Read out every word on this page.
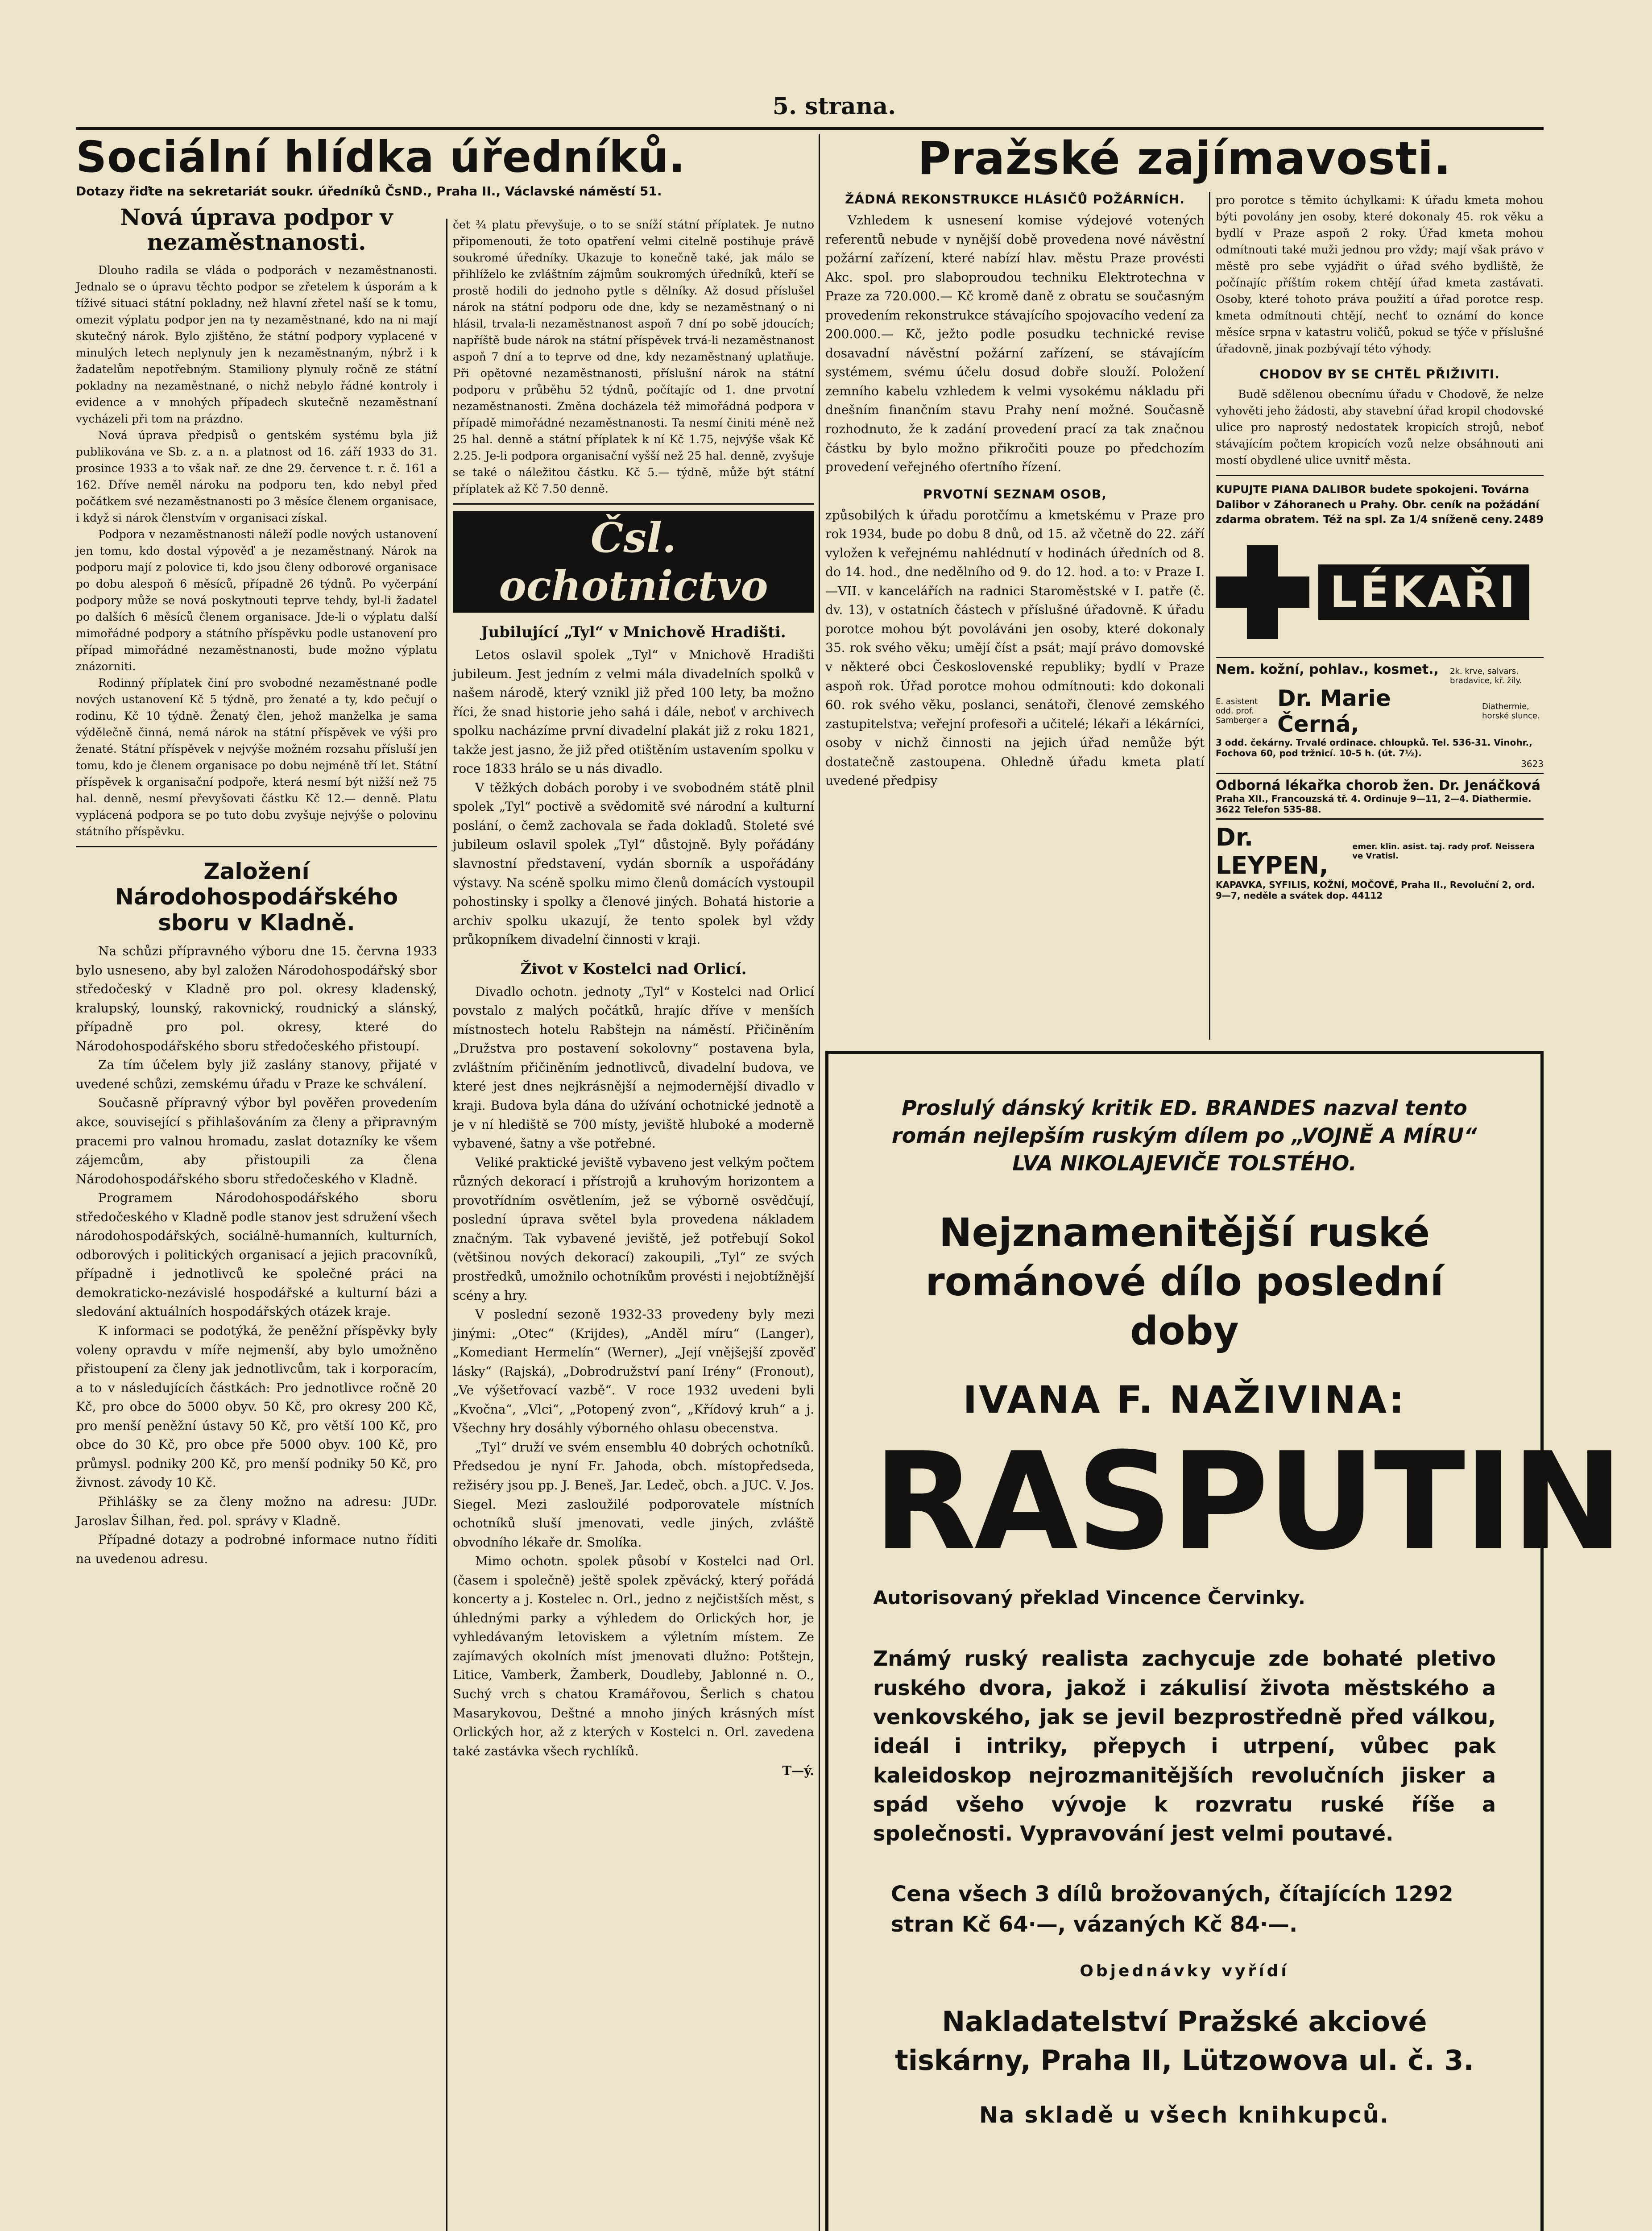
5. strana.
Sociální hlídka úředníků.
Dotazy řiďte na sekretariát soukr. úředníků ČsND., Praha II., Václavské náměstí 51.
Nová úprava podpor v nezaměstnanosti.

Dlouho radila se vláda o podporách v nezaměstnanosti. Jednalo se o úpravu těchto podpor se zřetelem k úsporám a k tíživé situaci státní pokladny, než hlavní zřetel naší se k tomu, omezit výplatu podpor jen na ty nezaměstnané, kdo na ni mají skutečný nárok. Bylo zjištěno, že státní podpory vyplacené v minulých letech neplynuly jen k nezaměstnaným, nýbrž i k žadatelům nepotřebným. Stamiliony plynuly ročně ze státní pokladny na nezaměstnané, o nichž nebylo řádné kontroly i evidence a v mnohých případech skutečně nezaměstnaní vycházeli při tom na prázdno.

Nová úprava předpisů o gentském systému byla již publikována ve Sb. z. a n. a platnost od 16. září 1933 do 31. prosince 1933 a to však nař. ze dne 29. července t. r. č. 161 a 162. Dříve neměl nároku na podporu ten, kdo nebyl před počátkem své nezaměstnanosti po 3 měsíce členem organisace, i když si nárok členstvím v organisaci získal.

Podpora v nezaměstnanosti náleží podle nových ustanovení jen tomu, kdo dostal výpověď a je nezaměstnaný. Nárok na podporu mají z polovice ti, kdo jsou členy odborové organisace po dobu alespoň 6 měsíců, případně 26 týdnů. Po vyčerpání podpory může se nová poskytnouti teprve tehdy, byl-li žadatel po dalších 6 měsíců členem organisace. Jde-li o výplatu další mimořádné podpory a státního příspěvku podle ustanovení pro případ mimořádné nezaměstnanosti, bude možno výplatu znázorniti.

Rodinný příplatek činí pro svobodné nezaměstnané podle nových ustanovení Kč 5 týdně, pro ženaté a ty, kdo pečují o rodinu, Kč 10 týdně. Ženatý člen, jehož manželka je sama výdělečně činná, nemá nárok na státní příspěvek ve výši pro ženaté. Státní příspěvek v nejvýše možném rozsahu přísluší jen tomu, kdo je členem organisace po dobu nejméně tří let. Státní příspěvek k organisační podpoře, která nesmí být nižší než 75 hal. denně, nesmí převyšovati částku Kč 12.— denně. Platu vyplácená podpora se po tuto dobu zvyšuje nejvýše o polovinu státního příspěvku.

Založení Národohospodářského sboru v Kladně.

Na schůzi přípravného výboru dne 15. června 1933 bylo usneseno, aby byl založen Národohospodářský sbor středočeský v Kladně pro pol. okresy kladenský, kralupský, lounský, rakovnický, roudnický a slánský, případně pro pol. okresy, které do Národohospodářského sboru středočeského přistoupí.

Za tím účelem byly již zaslány stanovy, přijaté v uvedené schůzi, zemskému úřadu v Praze ke schválení.

Současně přípravný výbor byl pověřen provedením akce, související s přihlašováním za členy a připravným pracemi pro valnou hromadu, zaslat dotazníky ke všem zájemcům, aby přistoupili za člena Národohospodářského sboru středočeského v Kladně.

Programem Národohospodářského sboru středočeského v Kladně podle stanov jest sdružení všech národohospodářských, sociálně-humanních, kulturních, odborových i politických organisací a jejich pracovníků, případně i jednotlivců ke společné práci na demokraticko-nezávislé hospodářské a kulturní bázi a sledování aktuálních hospodářských otázek kraje.

K informaci se podotýká, že peněžní příspěvky byly voleny opravdu v míře nejmenší, aby bylo umožněno přistoupení za členy jak jednotlivcům, tak i korporacím, a to v následujících částkách: Pro jednotlivce ročně 20 Kč, pro obce do 5000 obyv. 50 Kč, pro okresy 200 Kč, pro menší peněžní ústavy 50 Kč, pro větší 100 Kč, pro obce do 30 Kč, pro obce pře 5000 obyv. 100 Kč, pro průmysl. podniky 200 Kč, pro menší podniky 50 Kč, pro živnost. závody 10 Kč.

Přihlášky se za členy možno na adresu: JUDr. Jaroslav Šilhan, řed. pol. správy v Kladně.

Případné dotazy a podrobné informace nutno říditi na uvedenou adresu.

čet ¾ platu převyšuje, o to se sníží státní příplatek. Je nutno připomenouti, že toto opatření velmi citelně postihuje právě soukromé úředníky. Ukazuje to konečně také, jak málo se přihlíželo ke zvláštním zájmům soukromých úředníků, kteří se prostě hodili do jednoho pytle s dělníky. Až dosud příslušel nárok na státní podporu ode dne, kdy se nezaměstnaný o ni hlásil, trvala-li nezaměstnanost aspoň 7 dní po sobě jdoucích; napříště bude nárok na státní příspěvek trvá-li nezaměstnanost aspoň 7 dní a to teprve od dne, kdy nezaměstnaný uplatňuje. Při opětovné nezaměstnanosti, příslušní nárok na státní podporu v průběhu 52 týdnů, počítajíc od 1. dne prvotní nezaměstnanosti. Změna docházela též mimořádná podpora v případě mimořádné nezaměstnanosti. Ta nesmí činiti méně než 25 hal. denně a státní příplatek k ní Kč 1.75, nejvýše však Kč 2.25. Je-li podpora organisační vyšší než 25 hal. denně, zvyšuje se také o náležitou částku. Kč 5.— týdně, může být státní příplatek až Kč 7.50 denně.

Čsl. ochotnictvo
Jubilující „Tyl“ v Mnichově Hradišti.

Letos oslavil spolek „Tyl“ v Mnichově Hradišti jubileum. Jest jedním z velmi mála divadelních spolků v našem národě, který vznikl již před 100 lety, ba možno říci, že snad historie jeho sahá i dále, neboť v archivech spolku nacházíme první divadelní plakát již z roku 1821, takže jest jasno, že již před otištěním ustavením spolku v roce 1833 hrálo se u nás divadlo.

V těžkých dobách poroby i ve svobodném státě plnil spolek „Tyl“ poctivě a svědomitě své národní a kulturní poslání, o čemž zachovala se řada dokladů. Stoleté své jubileum oslavil spolek „Tyl“ důstojně. Byly pořádány slavnostní představení, vydán sborník a uspořádány výstavy. Na scéně spolku mimo členů domácích vystoupil pohostinsky i spolky a členové jiných. Bohatá historie a archiv spolku ukazují, že tento spolek byl vždy průkopníkem divadelní činnosti v kraji.

Život v Kostelci nad Orlicí.

Divadlo ochotn. jednoty „Tyl“ v Kostelci nad Orlicí povstalo z malých počátků, hrajíc dříve v menších místnostech hotelu Rabštejn na náměstí. Přičiněním „Družstva pro postavení sokolovny“ postavena byla, zvláštním přičiněním jednotlivců, divadelní budova, ve které jest dnes nejkrásnější a nejmodernější divadlo v kraji. Budova byla dána do užívání ochotnické jednotě a je v ní hlediště se 700 místy, jeviště hluboké a moderně vybavené, šatny a vše potřebné.

Veliké praktické jeviště vybaveno jest velkým počtem různých dekorací i přístrojů a kruhovým horizontem a provotřídním osvětlením, jež se výborně osvědčují, poslední úprava světel byla provedena nákladem značným. Tak vybavené jeviště, jež potřebují Sokol (většinou nových dekorací) zakoupili, „Tyl“ ze svých prostředků, umožnilo ochotníkům provésti i nejobtížnější scény a hry.

V poslední sezoně 1932-33 provedeny byly mezi jinými: „Otec“ (Krijdes), „Anděl míru“ (Langer), „Komediant Hermelín“ (Werner), „Její vnějšejší zpověď lásky“ (Rajská), „Dobrodružství paní Irény“ (Fronout), „Ve výšetřovací vazbě“. V roce 1932 uvedeni byli „Kvočna“, „Vlci“, „Potopený zvon“, „Křídový kruh“ a j. Všechny hry dosáhly výborného ohlasu obecenstva.

„Tyl“ druží ve svém ensemblu 40 dobrých ochotníků. Předsedou je nyní Fr. Jahoda, obch. místopředseda, režiséry jsou pp. J. Beneš, Jar. Ledeč, obch. a JUC. V. Jos. Siegel. Mezi zasloužilé podporovatele místních ochotníků sluší jmenovati, vedle jiných, zvláště obvodního lékaře dr. Smolíka.

Mimo ochotn. spolek působí v Kostelci nad Orl. (časem i společně) ještě spolek zpěvácký, který pořádá koncerty a j. Kostelec n. Orl., jedno z nejčistších měst, s úhlednými parky a výhledem do Orlických hor, je vyhledávaným letoviskem a výletním místem. Ze zajímavých okolních míst jmenovati dlužno: Potštejn, Litice, Vamberk, Žamberk, Doudleby, Jablonné n. O., Suchý vrch s chatou Kramářovou, Šerlich s chatou Masarykovou, Deštné a mnoho jiných krásných míst Orlických hor, až z kterých v Kostelci n. Orl. zavedena také zastávka všech rychlíků.

T—ý.
Pražské zajímavosti.
ŽÁDNÁ REKONSTRUKCE HLÁSIČŮ POŽÁRNÍCH.

Vzhledem k usnesení komise výdejové votených referentů nebude v nynější době provedena nové návěstní požární zařízení, které nabízí hlav. městu Praze provésti Akc. spol. pro slaboproudou techniku Elektrotechna v Praze za 720.000.— Kč kromě daně z obratu se současným provedením rekonstrukce stávajícího spojovacího vedení za 200.000.— Kč, ježto podle posudku technické revise dosavadní návěstní požární zařízení, se stávajícím systémem, svému účelu dosud dobře slouží. Položení zemního kabelu vzhledem k velmi vysokému nákladu při dnešním finančním stavu Prahy není možné. Současně rozhodnuto, že k zadání provedení prací za tak značnou částku by bylo možno přikročiti pouze po předchozím provedení veřejného ofertního řízení.

PRVOTNÍ SEZNAM OSOB,

způsobilých k úřadu porotčímu a kmetskému v Praze pro rok 1934, bude po dobu 8 dnů, od 15. až včetně do 22. září vyložen k veřejnému nahlédnutí v hodinách úředních od 8. do 14. hod., dne nedělního od 9. do 12. hod. a to: v Praze I.—VII. v kancelářích na radnici Staroměstské v I. patře (č. dv. 13), v ostatních částech v příslušné úřadovně. K úřadu porotce mohou být povoláváni jen osoby, které dokonaly 35. rok svého věku; umějí číst a psát; mají právo domovské v některé obci Československé republiky; bydlí v Praze aspoň rok. Úřad porotce mohou odmítnouti: kdo dokonali 60. rok svého věku, poslanci, senátoři, členové zemského zastupitelstva; veřejní profesoři a učitelé; lékaři a lékárníci, osoby v nichž činnosti na jejich úřad nemůže být dostatečně zastoupena. Ohledně úřadu kmeta platí uvedené předpisy

pro porotce s těmito úchylkami: K úřadu kmeta mohou býti povolány jen osoby, které dokonaly 45. rok věku a bydlí v Praze aspoň 2 roky. Úřad kmeta mohou odmítnouti také muži jednou pro vždy; mají však právo v městě pro sebe vyjádřit o úřad svého bydliště, že počínajíc příštím rokem chtějí úřad kmeta zastávati. Osoby, které tohoto práva použití a úřad porotce resp. kmeta odmítnouti chtějí, nechť to oznámí do konce měsíce srpna v katastru voličů, pokud se týče v příslušné úřadovně, jinak pozbývají této výhody.

CHODOV BY SE CHTĚL PŘIŽIVITI.

Budě sdělenou obecnímu úřadu v Chodově, že nelze vyhověti jeho žádosti, aby stavební úřad kropil chodovské ulice pro naprostý nedostatek kropicích strojů, neboť stávajícím počtem kropicích vozů nelze obsáhnouti ani mostí obydlené ulice uvnitř města.

KUPUJTE PIANA DALIBOR budete spokojeni. Továrna Dalibor v Záhoranech u Prahy. Obr. ceník na požádání zdarma obratem. Též na spl. Za 1/4 sníženě ceny. 2489
LÉKAŘI
Nem. kožní, pohlav., kosmet., 2k. krve, salvars. bradavice, kř. žíly.
E. asistent odd. prof. Samberger a
Dr. Marie Černá,
Diathermie, horské slunce.
3 odd. čekárny. Trvalé ordinace. chloupků. Tel. 536-31. Vinohr., Fochova 60, pod tržnicí. 10-5 h. (út. 7½).
3623
Odborná lékařka chorob žen. Dr. Jenáčková
Praha XII., Francouzská tř. 4. Ordinuje 9—11, 2—4. Diathermie. 3622 Telefon 535-88.
Dr. LEYPEN,
emer. klin. asist. taj. rady prof. Neissera ve Vratisl.
KAPAVKA, SYFILIS, KOŽNÍ, MOČOVÉ, Praha II., Revoluční 2, ord. 9—7, neděle a svátek dop. 44112

Proslulý dánský kritik ED. BRANDES nazval tento román nejlepším ruským dílem po „VOJNĚ A MÍRU“ LVA NIKOLAJEVIČE TOLSTÉHO.

Nejznamenitější ruské románové dílo poslední doby

IVANA F. NAŽIVINA:

RASPUTIN

Autorisovaný překlad Vincence Červinky.

Známý ruský realista zachycuje zde bohaté pletivo ruského dvora, jakož i zákulisí života městského a venkovského, jak se jevil bezprostředně před válkou, ideál i intriky, přepych i utrpení, vůbec pak kaleidoskop nejrozmanitějších revolučních jisker a spád všeho vývoje k rozvratu ruské říše a společnosti. Vypravování jest velmi poutavé.

Cena všech 3 dílů brožovaných, čítajících 1292 stran Kč 64·—, vázaných Kč 84·—.

Objednávky vyřídí

Nakladatelství Pražské akciové tiskárny, Praha II, Lützowova ul. č. 3.

Na skladě u všech knihkupců.
